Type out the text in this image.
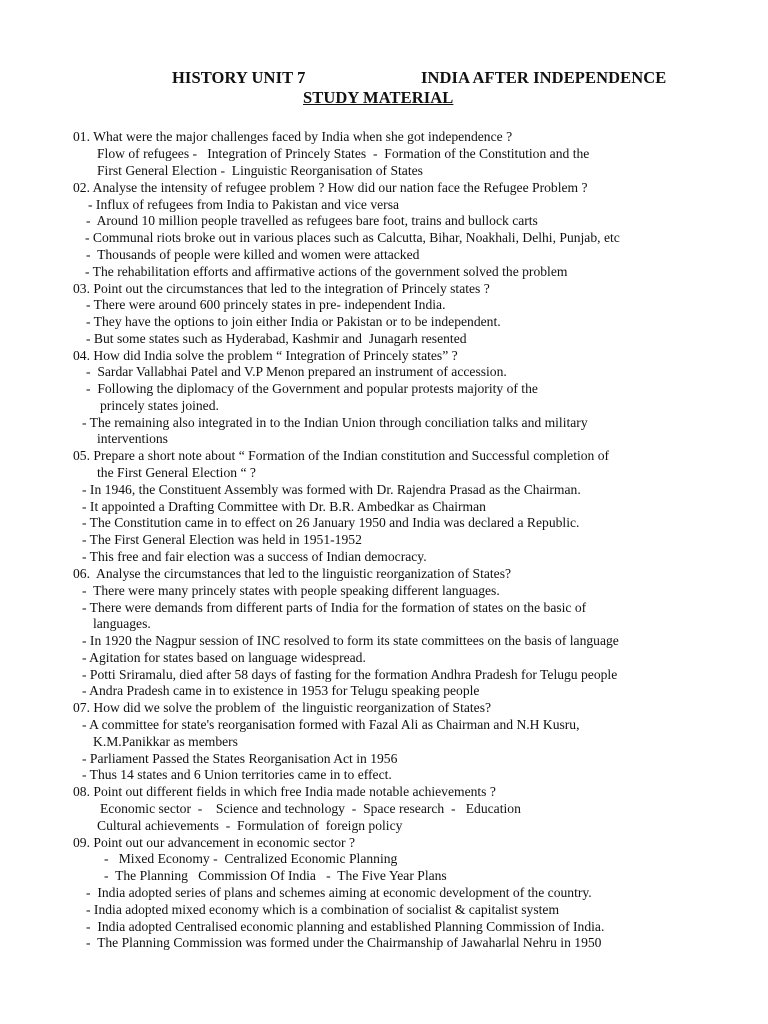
HISTORY UNIT 7	INDIA AFTER INDEPENDENCE
STUDY MATERIAL
01. What were the major challenges faced by India when she got independence ?
Flow of refugees -   Integration of Princely States  -  Formation of the Constitution and the
First General Election -  Linguistic Reorganisation of States
02. Analyse the intensity of refugee problem ? How did our nation face the Refugee Problem ?
- Influx of refugees from India to Pakistan and vice versa
-  Around 10 million people travelled as refugees bare foot, trains and bullock carts
- Communal riots broke out in various places such as Calcutta, Bihar, Noakhali, Delhi, Punjab, etc
-  Thousands of people were killed and women were attacked
- The rehabilitation efforts and affirmative actions of the government solved the problem
03. Point out the circumstances that led to the integration of Princely states ?
- There were around 600 princely states in pre- independent India.
- They have the options to join either India or Pakistan or to be independent.
- But some states such as Hyderabad, Kashmir and  Junagarh resented
04. How did India solve the problem “ Integration of Princely states” ?
-  Sardar Vallabhai Patel and V.P Menon prepared an instrument of accession.
-  Following the diplomacy of the Government and popular protests majority of the
princely states joined.
- The remaining also integrated in to the Indian Union through conciliation talks and military
interventions
05. Prepare a short note about “ Formation of the Indian constitution and Successful completion of
the First General Election “ ?
- In 1946, the Constituent Assembly was formed with Dr. Rajendra Prasad as the Chairman.
- It appointed a Drafting Committee with Dr. B.R. Ambedkar as Chairman
- The Constitution came in to effect on 26 January 1950 and India was declared a Republic.
- The First General Election was held in 1951-1952
- This free and fair election was a success of Indian democracy.
06.  Analyse the circumstances that led to the linguistic reorganization of States?
-  There were many princely states with people speaking different languages.
- There were demands from different parts of India for the formation of states on the basic of
languages.
- In 1920 the Nagpur session of INC resolved to form its state committees on the basis of language
- Agitation for states based on language widespread.
- Potti Sriramalu, died after 58 days of fasting for the formation Andhra Pradesh for Telugu people
- Andra Pradesh came in to existence in 1953 for Telugu speaking people
07. How did we solve the problem of  the linguistic reorganization of States?
- A committee for state's reorganisation formed with Fazal Ali as Chairman and N.H Kusru,
K.M.Panikkar as members
- Parliament Passed the States Reorganisation Act in 1956
- Thus 14 states and 6 Union territories came in to effect.
08. Point out different fields in which free India made notable achievements ?
Economic sector  -    Science and technology  -  Space research  -   Education
Cultural achievements  -  Formulation of  foreign policy
09. Point out our advancement in economic sector ?
-   Mixed Economy -  Centralized Economic Planning
-  The Planning   Commission Of India   -  The Five Year Plans
-  India adopted series of plans and schemes aiming at economic development of the country.
- India adopted mixed economy which is a combination of socialist & capitalist system
-  India adopted Centralised economic planning and established Planning Commission of India.
-  The Planning Commission was formed under the Chairmanship of Jawaharlal Nehru in 1950
